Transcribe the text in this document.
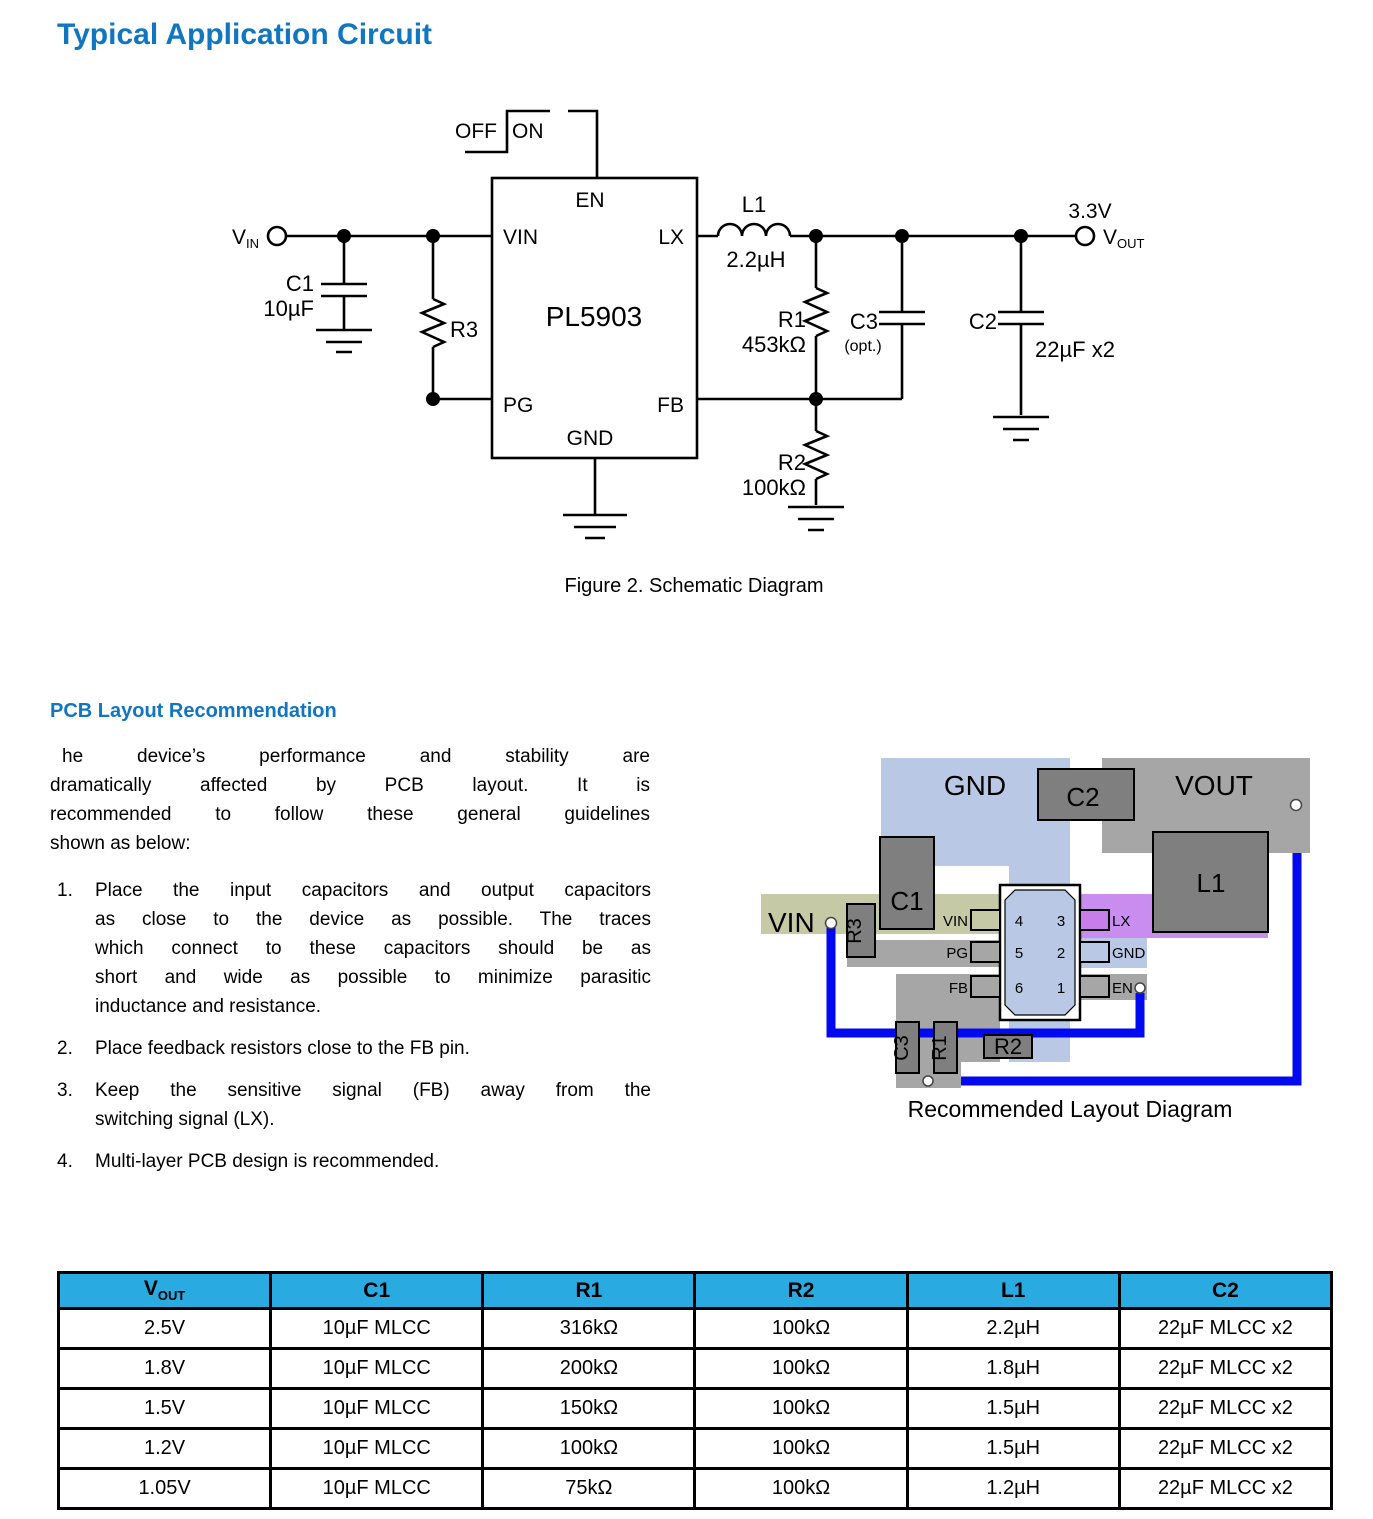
Typical Application Circuit
OFF ON
EN
VIN	LX
PG	FB
GND
PL5903
VIN
3.3V
VOUT
C1
10µF
R3
L1
2.2µH
R1
453kΩ
C3
(opt.)
R2
100kΩ
C2
22µF x2
Figure 2. Schematic Diagram
PCB Layout Recommendation
he device’s performance and stability are
dramatically affected by PCB layout. It is
recommended to follow these general guidelines
shown as below:
1.	Place the input capacitors and output capacitors
as close to the device as possible. The traces
which connect to these capacitors should be as
short and wide as possible to minimize parasitic
inductance and resistance.
2.	Place feedback resistors close to the FB pin.
3.	Keep the sensitive signal (FB) away from the
switching signal (LX).
4.	Multi-layer PCB design is recommended.
GND	VOUT
VIN
C1
C2
L1
R3
C3 R1 R2
4 3
5 2
6 1
VIN
PG
FB
LX
GND
EN
Recommended Layout Diagram
$V_{OUT}$	C1	R1	R2	L1	C2
2.5V	10µF MLCC	316kΩ	100kΩ	2.2µH	22µF MLCC x2
1.8V	10µF MLCC	200kΩ	100kΩ	1.8µH	22µF MLCC x2
1.5V	10µF MLCC	150kΩ	100kΩ	1.5µH	22µF MLCC x2
1.2V	10µF MLCC	100kΩ	100kΩ	1.5µH	22µF MLCC x2
1.05V	10µF MLCC	75kΩ	100kΩ	1.2µH	22µF MLCC x2
